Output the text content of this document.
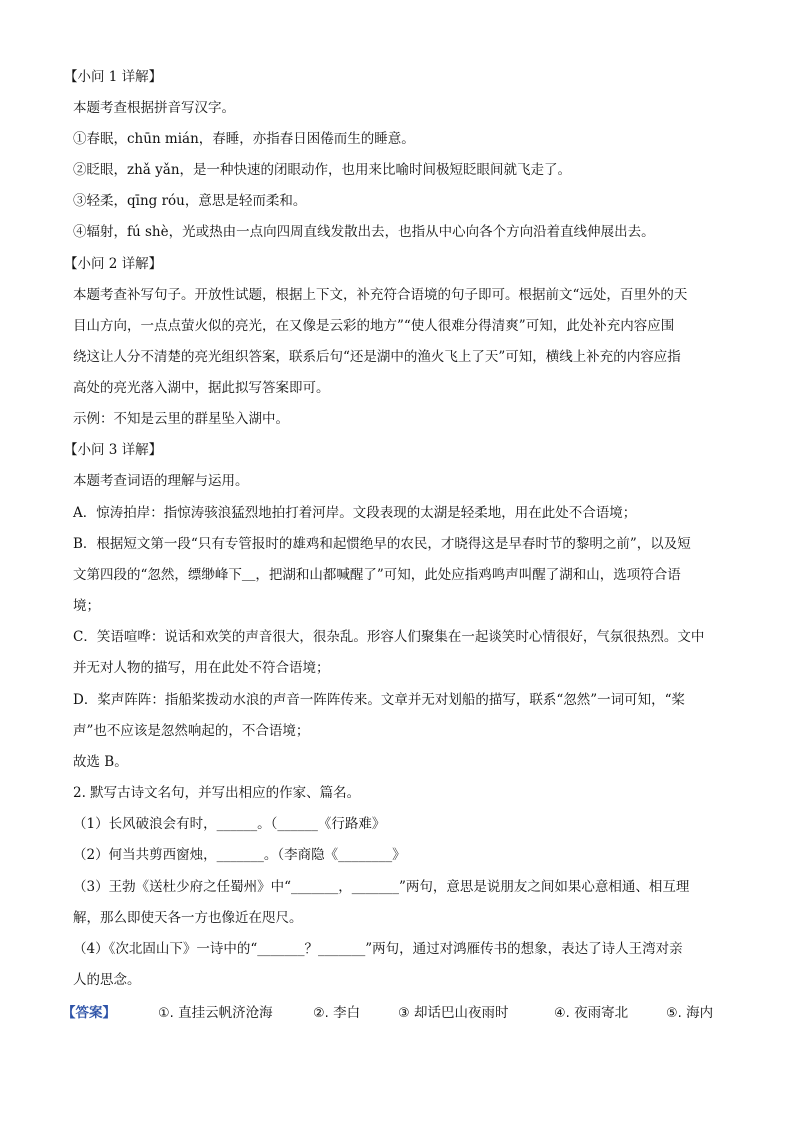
【小问 1 详解】
本题考查根据拼音写汉字。
①春眠，chūn mián，春睡，亦指春日困倦而生的睡意。
②眨眼，zhǎ yǎn，是一种快速的闭眼动作，也用来比喻时间极短眨眼间就飞走了。
③轻柔，qīng róu，意思是轻而柔和。
④辐射，fú shè，光或热由一点向四周直线发散出去，也指从中心向各个方向沿着直线伸展出去。
【小问 2 详解】
本题考查补写句子。开放性试题，根据上下文，补充符合语境的句子即可。根据前文“远处，百里外的天
目山方向，一点点萤火似的亮光，在又像是云彩的地方”“使人很难分得清爽”可知，此处补充内容应围
绕这让人分不清楚的亮光组织答案，联系后句“还是湖中的渔火飞上了天”可知，横线上补充的内容应指
高处的亮光落入湖中，据此拟写答案即可。
示例：不知是云里的群星坠入湖中。
【小问 3 详解】
本题考查词语的理解与运用。
A．惊涛拍岸：指惊涛骇浪猛烈地拍打着河岸。文段表现的太湖是轻柔地，用在此处不合语境；
B．根据短文第一段“只有专管报时的雄鸡和起惯绝早的农民，才晓得这是早春时节的黎明之前”，以及短
文第四段的“忽然，缥缈峰下＿，把湖和山都喊醒了”可知，此处应指鸡鸣声叫醒了湖和山，选项符合语
境；
C．笑语喧哗：说话和欢笑的声音很大，很杂乱。形容人们聚集在一起谈笑时心情很好，气氛很热烈。文中
并无对人物的描写，用在此处不符合语境；
D．桨声阵阵：指船桨拨动水浪的声音一阵阵传来。文章并无对划船的描写，联系“忽然”一词可知，“桨
声”也不应该是忽然响起的，不合语境；
故选 B。
2. 默写古诗文名句，并写出相应的作家、篇名。
（1）长风破浪会有时，______。（______《行路难》
（2）何当共剪西窗烛，_______。（李商隐《________》
（3）王勃《送杜少府之任蜀州》中“_______，_______”两句，意思是说朋友之间如果心意相通、相互理
解，那么即使天各一方也像近在咫尺。
（4）《次北固山下》一诗中的“_______？_______”两句，通过对鸿雁传书的想象，表达了诗人王湾对亲
人的思念。
【答案】	①. 直挂云帆济沧海	②. 李白	③ 却话巴山夜雨时	④. 夜雨寄北	⑤. 海内
